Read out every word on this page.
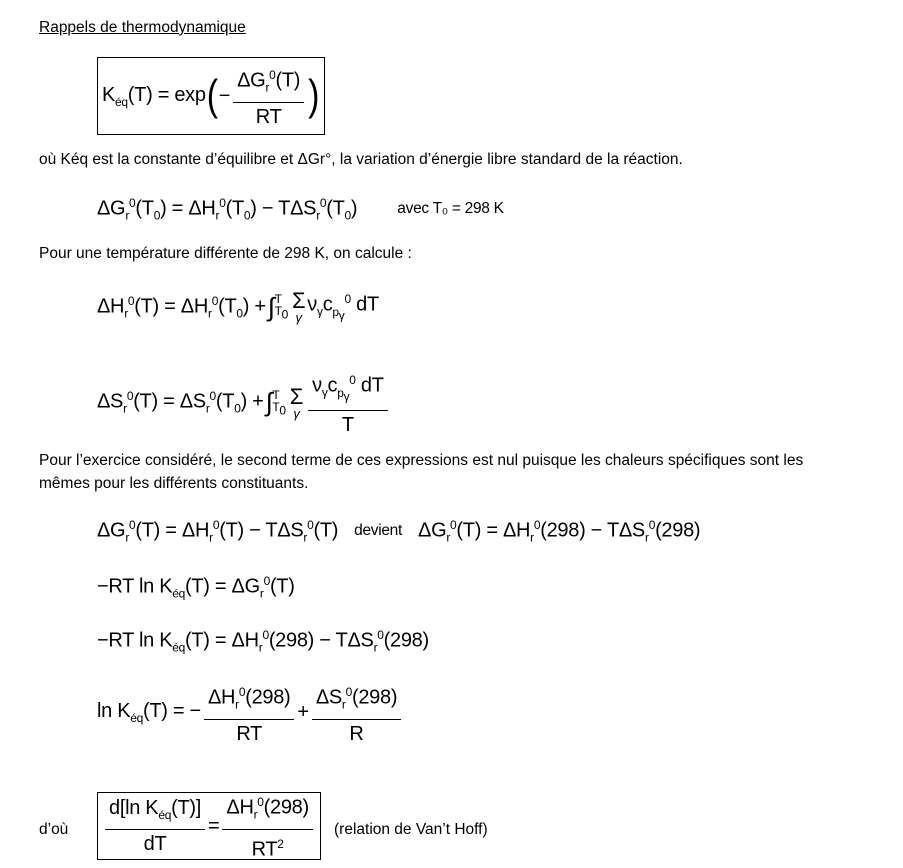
Rappels de thermodynamique
$K_{éq}(T) = \exp$ ( − $\frac{\Delta G_r^0(T)}{RT}$ )
où Kéq est la constante d’équilibre et ΔGr°, la variation d’énergie libre standard de la réaction.
$\Delta G_r^0(T_0) = \Delta H_r^0(T_0) - T\Delta S_r^0(T_0)$	avec T₀ = 298 K
Pour une température différente de 298 K, on calcule :
$\Delta H_r^0(T) = \Delta H_r^0(T_0)$ + ∫ T
$T_0$
Σ
γ
$\nu_\gamma c_{p_\gamma}^0$ dT
$\Delta S_r^0(T) = \Delta S_r^0(T_0)$ + ∫ T
$T_0$
Σ
γ $\frac{\nu_\gamma c_{p_\gamma}^0 dT}{T}$
Pour l’exercice considéré, le second terme de ces expressions est nul puisque les chaleurs spécifiques sont les
mêmes pour les différents constituants.
$\Delta G_r^0(T) = \Delta H_r^0(T) - T\Delta S_r^0(T)$ devient $\Delta G_r^0(T) = \Delta H_r^0(298) - T\Delta S_r^0(298)$
−RT $\ln K_{éq}(T) = \Delta G_r^0(T)$
−RT $\ln K_{éq}(T) = \Delta H_r^0(298) - T\Delta S_r^0(298)$
$\ln K_{éq}(T)$ = − $\frac{\Delta H_r^0(298)}{RT} + \frac{\Delta S_r^0(298)}{R}$
d’où $\frac{d[\ln K_{éq}(T)]}{dT} = \frac{\Delta H_r^0(298)}{RT^2}$ (relation de Van’t Hoff)
